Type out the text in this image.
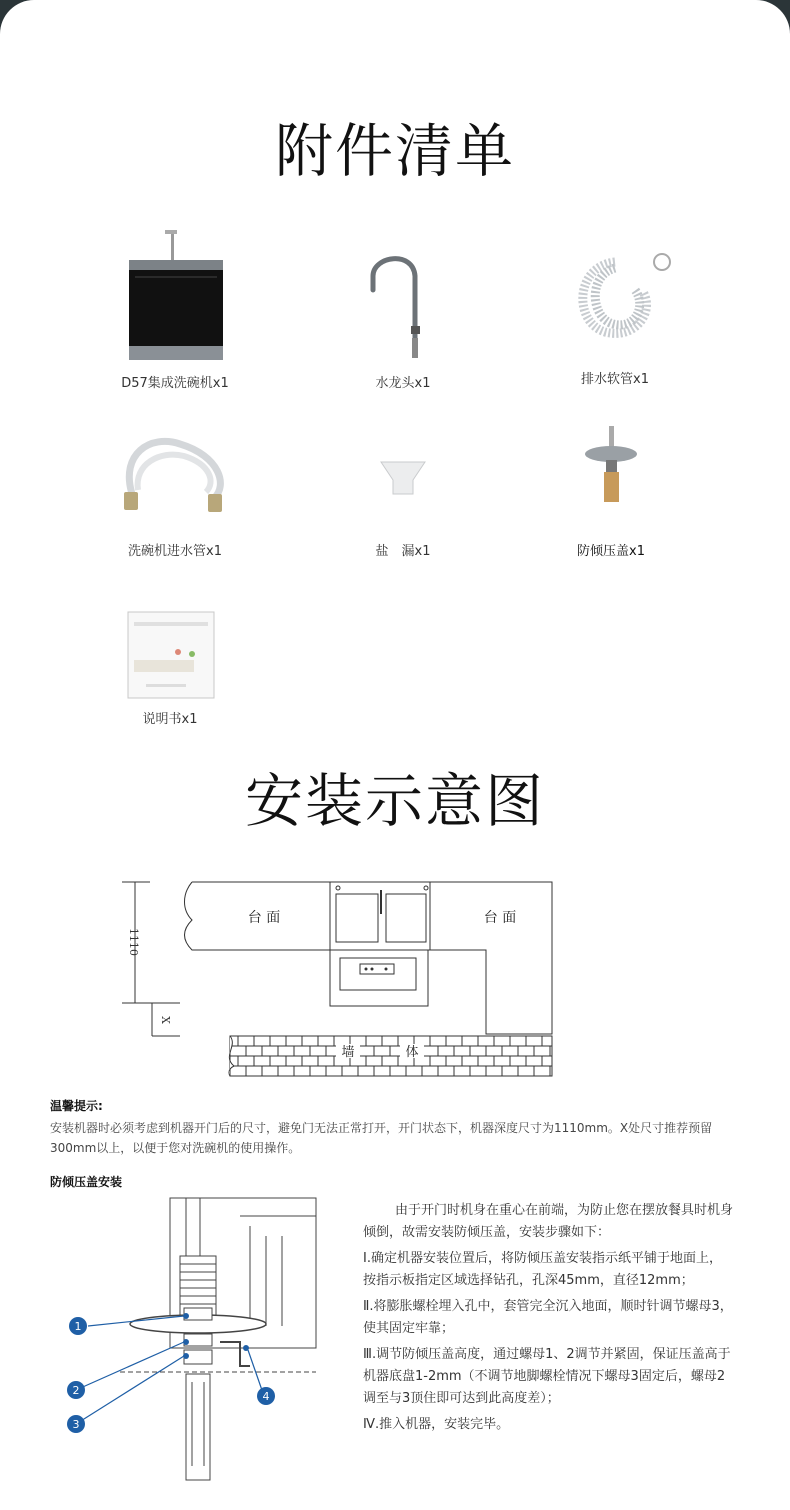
附件清单
D57集成洗碗机x1	水龙头x1	排水软管x1
洗碗机进水管x1	盐　漏x1	防倾压盖x1
说明书x1
安装示意图
1110
X
台 面	台 面
墙	体
温馨提示:
安装机器时必须考虑到机器开门后的尺寸，避免门无法正常打开，开门状态下，机器深度尺寸为1110mm。X处尺寸推荐预留300mm以上，以便于您对洗碗机的使用操作。
防倾压盖安装
1
2
3
4

由于开门时机身在重心在前端，为防止您在摆放餐具时机身倾倒，故需安装防倾压盖，安装步骤如下：

Ⅰ.确定机器安装位置后，将防倾压盖安装指示纸平铺于地面上，按指示板指定区域选择钻孔，孔深45mm，直径12mm；

Ⅱ.将膨胀螺栓埋入孔中，套管完全沉入地面，顺时针调节螺母3，使其固定牢靠；

Ⅲ.调节防倾压盖高度，通过螺母1、2调节并紧固，保证压盖高于机器底盘1-2mm（不调节地脚螺栓情况下螺母3固定后，螺母2调至与3顶住即可达到此高度差）；

Ⅳ.推入机器，安装完毕。
